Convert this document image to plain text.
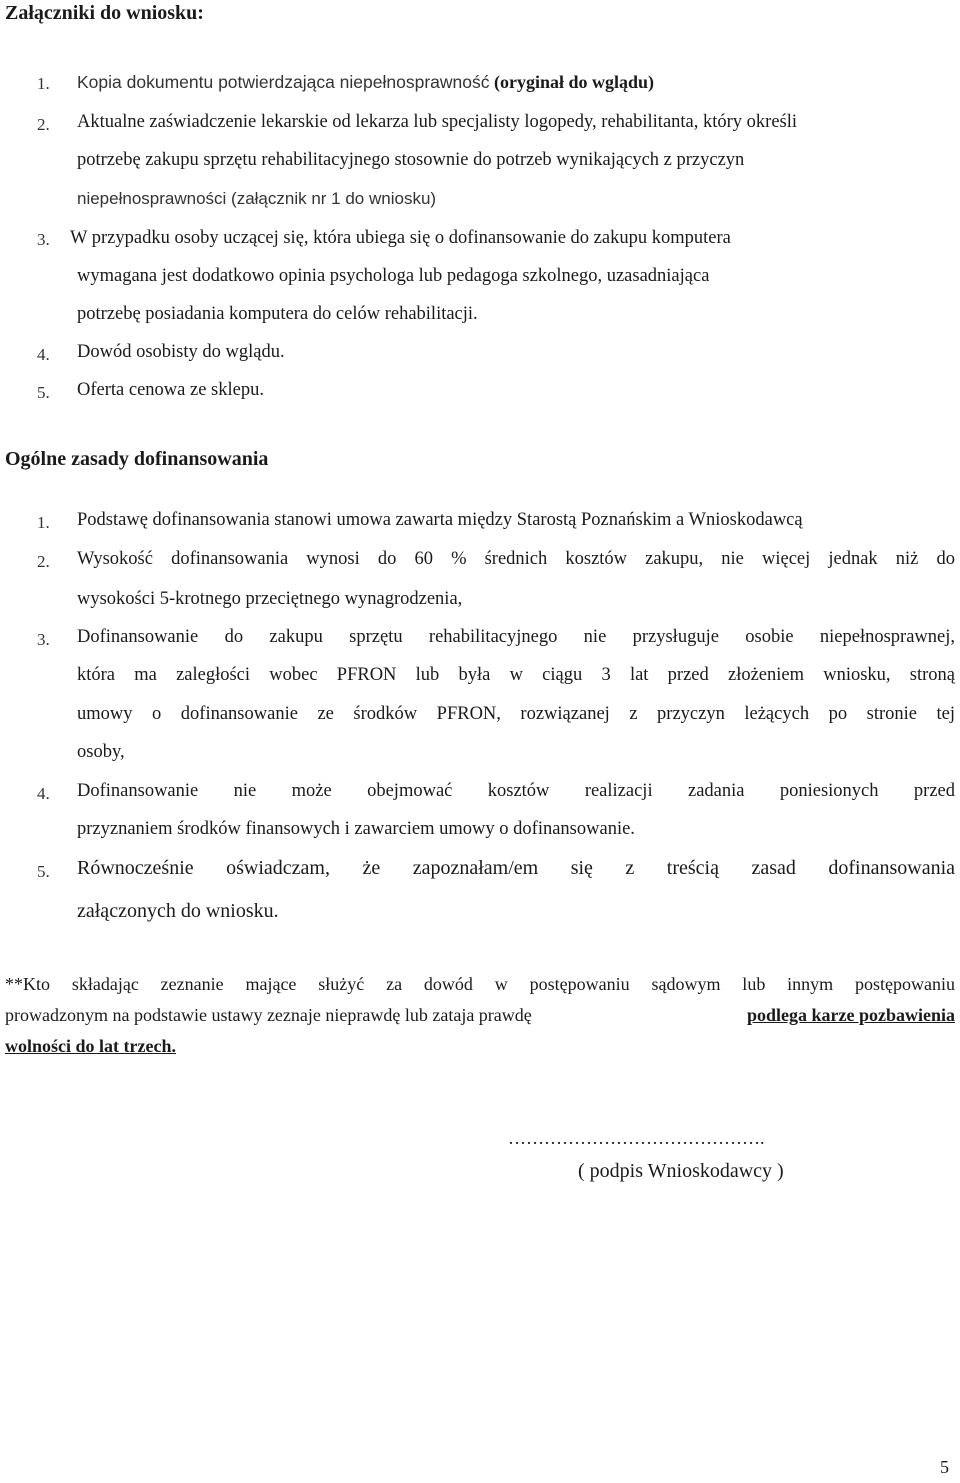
Załączniki do wniosku:
1. Kopia dokumentu potwierdzająca niepełnosprawność (oryginał do wglądu)
2. Aktualne zaświadczenie lekarskie od lekarza lub specjalisty logopedy, rehabilitanta, który określi
potrzebę zakupu sprzętu rehabilitacyjnego stosownie do potrzeb wynikających z przyczyn
niepełnosprawności (załącznik nr 1 do wniosku)
3. W przypadku osoby uczącej się, która ubiega się o dofinansowanie do zakupu komputera
wymagana jest dodatkowo opinia psychologa lub pedagoga szkolnego, uzasadniająca
potrzebę posiadania komputera do celów rehabilitacji.
4. Dowód osobisty do wglądu.
5. Oferta cenowa ze sklepu.
Ogólne zasady dofinansowania
1. Podstawę dofinansowania stanowi umowa zawarta między Starostą Poznańskim a Wnioskodawcą
2. Wysokość dofinansowania wynosi do 60 % średnich kosztów zakupu, nie więcej jednak niż do
wysokości 5-krotnego przeciętnego wynagrodzenia,
3. Dofinansowanie do zakupu sprzętu rehabilitacyjnego nie przysługuje osobie niepełnosprawnej,
która ma zaległości wobec PFRON lub była w ciągu 3 lat przed złożeniem wniosku, stroną
umowy o dofinansowanie ze środków PFRON, rozwiązanej z przyczyn leżących po stronie tej
osoby,
4. Dofinansowanie nie może obejmować kosztów realizacji zadania poniesionych przed
przyznaniem środków finansowych i zawarciem umowy o dofinansowanie.
5. Równocześnie oświadczam, że zapoznałam/em się z treścią zasad dofinansowania
załączonych do wniosku.
**Kto składając zeznanie mające służyć za dowód w postępowaniu sądowym lub innym postępowaniu
prowadzonym na podstawie ustawy zeznaje nieprawdę lub zataja prawdę	podlega karze pozbawienia
wolności do lat trzech.
…………………………………….
( podpis Wnioskodawcy )
5
